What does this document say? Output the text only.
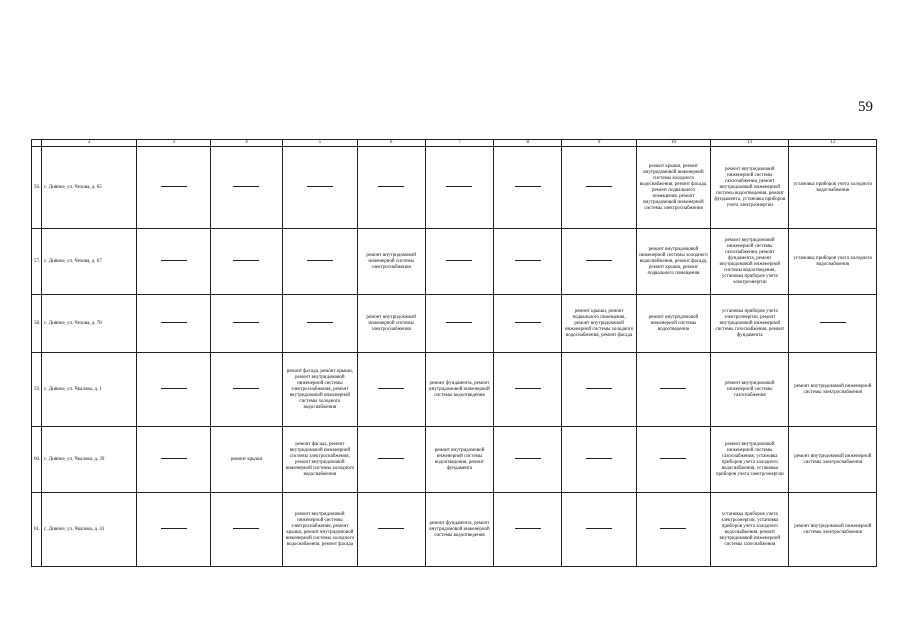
59
	2	3	4	5	6	7	8	9	10	11	12
56.	с. Дивное, ул. Чехова, д. 65								ремонт крыши, ремонт внутридомовой инженерной системы холодного водоснабжения, ремонт фасада, ремонт подвального помещения, ремонт внутридомовой инженерной системы электроснабжения	ремонт внутридомовой инженерной системы газоснабжения, ремонт внутридомовой инженерной системы водоотведения, ремонт фундамента, установка приборов учета электроэнергии	установка приборов учета холодного водоснабжения
57.	с. Дивное, ул. Чехова, д. 67				ремонт внутридомовой инженерной системы электроснабжения				ремонт внутридомовой инженерной системы холодного водоснабжения, ремонт фасада, ремонт крыши, ремонт подвального помещения	ремонт внутридомовой инженерной системы газоснабжения, ремонт фундамента, ремонт внутридомовой инженерной системы водоотведения, установка приборов учета электроэнергии	установка приборов учета холодного водоснабжения
58.	с. Дивное, ул. Чехова, д. 78				ремонт внутридомовой инженерной системы электроснабжения			ремонт крыши, ремонт подвального помещения, ремонт внутридомовой инженерной системы холодного водоснабжения, ремонт фасада	ремонт внутридомовой инженерной системы водоотведения	установка приборов учета электроэнергии, ремонт внутридомовой инженерной системы газоснабжения, ремонт фундамента	
59.	с. Дивное, ул. Чкалова, д. 1			ремонт фасада, ремонт крыши, ремонт внутридомовой инженерной системы электроснабжения, ремонт внутридомовой инженерной системы холодного водоснабжения		ремонт фундамента, ремонт внутридомовой инженерной системы водоотведения				ремонт внутридомовой инженерной системы газоснабжения	ремонт внутридомовой инженерной системы электроснабжения
60.	с. Дивное, ул. Чкалова, д. 39		ремонт крыши	ремонт фасада, ремонт внутридомовой инженерной системы электроснабжения, ремонт внутридомовой инженерной системы холодного водоснабжения		ремонт внутридомовой инженерной системы водоотведения, ремонт фундамента				ремонт внутридомовой инженерной системы газоснабжения, установка приборов учета холодного водоснабжения, установка приборов учета электроэнергии	ремонт внутридомовой инженерной системы электроснабжения
61.	с. Дивное, ул. Чкалова, д. 41			ремонт внутридомовой инженерной системы электроснабжения, ремонт крыши, ремонт внутридомовой инженерной системы холодного водоснабжения, ремонт фасада		ремонт фундамента, ремонт внутридомовой инженерной системы водоотведения				установка приборов учета электроэнергии, установка приборов учета холодного водоснабжения, ремонт внутридомовой инженерной системы газоснабжения	ремонт внутридомовой инженерной системы электроснабжения
